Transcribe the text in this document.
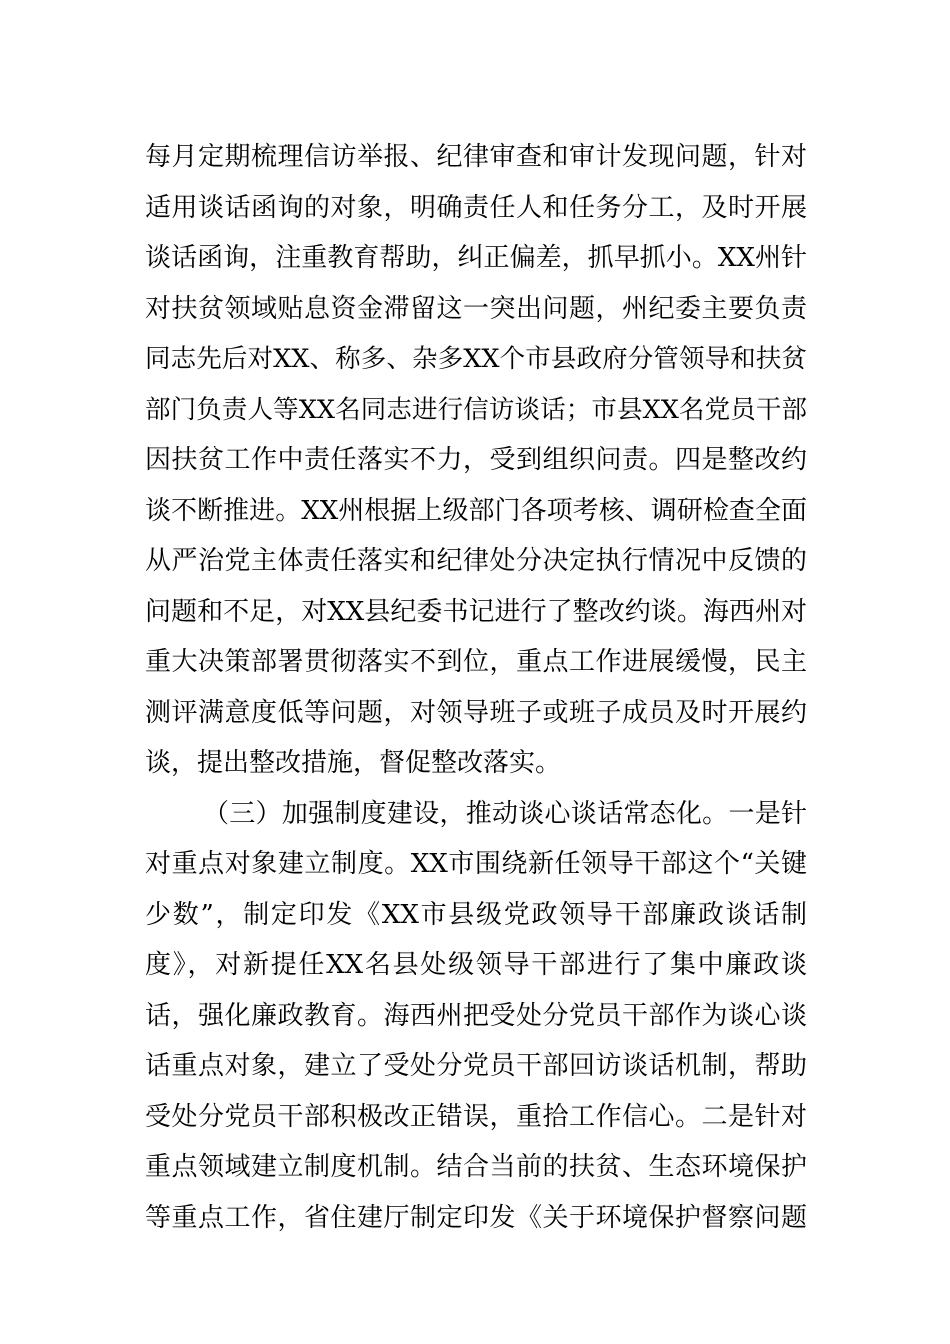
每月定期梳理信访举报、纪律审查和审计发现问题，针对
适用谈话函询的对象，明确责任人和任务分工，及时开展
谈话函询，注重教育帮助，纠正偏差，抓早抓小。XX州针
对扶贫领域贴息资金滞留这一突出问题，州纪委主要负责
同志先后对XX、称多、杂多XX个市县政府分管领导和扶贫
部门负责人等XX名同志进行信访谈话；市县XX名党员干部
因扶贫工作中责任落实不力，受到组织问责。四是整改约
谈不断推进。XX州根据上级部门各项考核、调研检查全面
从严治党主体责任落实和纪律处分决定执行情况中反馈的
问题和不足，对XX县纪委书记进行了整改约谈。海西州对
重大决策部署贯彻落实不到位，重点工作进展缓慢，民主
测评满意度低等问题，对领导班子或班子成员及时开展约
谈，提出整改措施，督促整改落实。
（三）加强制度建设，推动谈心谈话常态化。一是针
对重点对象建立制度。XX市围绕新任领导干部这个“关键
少数”，制定印发《XX市县级党政领导干部廉政谈话制
度》，对新提任XX名县处级领导干部进行了集中廉政谈
话，强化廉政教育。海西州把受处分党员干部作为谈心谈
话重点对象，建立了受处分党员干部回访谈话机制，帮助
受处分党员干部积极改正错误，重拾工作信心。二是针对
重点领域建立制度机制。结合当前的扶贫、生态环境保护
等重点工作，省住建厅制定印发《关于环境保护督察问题
